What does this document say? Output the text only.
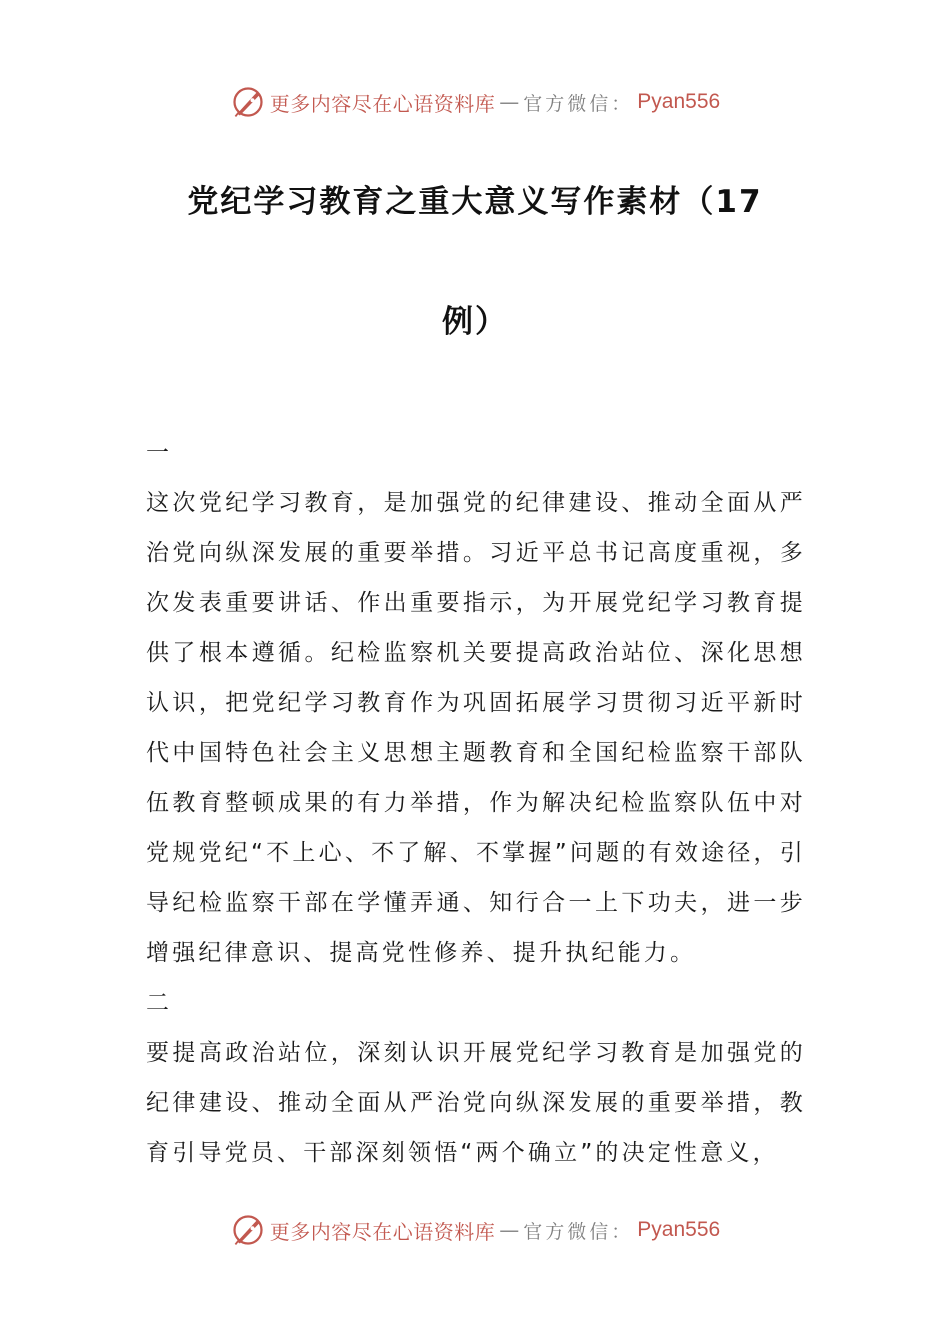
更多内容尽在心语资料库 — 官方微信： Pyan556
党纪学习教育之重大意义写作素材（17
例）

一

这次党纪学习教育，是加强党的纪律建设、推动全面从严治党向纵深发展的重要举措。习近平总书记高度重视，多次发表重要讲话、作出重要指示，为开展党纪学习教育提供了根本遵循。纪检监察机关要提高政治站位、深化思想认识，把党纪学习教育作为巩固拓展学习贯彻习近平新时代中国特色社会主义思想主题教育和全国纪检监察干部队伍教育整顿成果的有力举措，作为解决纪检监察队伍中对党规党纪“不上心、不了解、不掌握”问题的有效途径，引导纪检监察干部在学懂弄通、知行合一上下功夫，进一步增强纪律意识、提高党性修养、提升执纪能力。

二

要提高政治站位，深刻认识开展党纪学习教育是加强党的纪律建设、推动全面从严治党向纵深发展的重要举措，教育引导党员、干部深刻领悟“两个确立”的决定性意义，

更多内容尽在心语资料库 — 官方微信： Pyan556
